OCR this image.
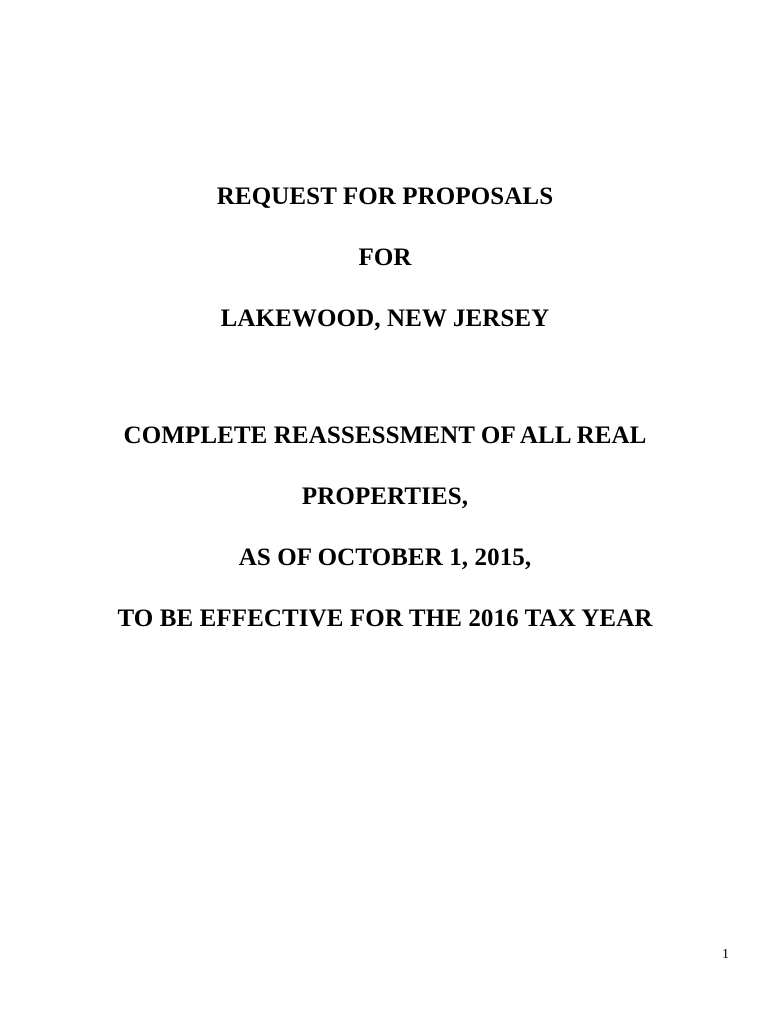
REQUEST FOR PROPOSALS
FOR
LAKEWOOD, NEW JERSEY
COMPLETE REASSESSMENT OF ALL REAL
PROPERTIES,
AS OF OCTOBER 1, 2015,
TO BE EFFECTIVE FOR THE 2016 TAX YEAR
1
